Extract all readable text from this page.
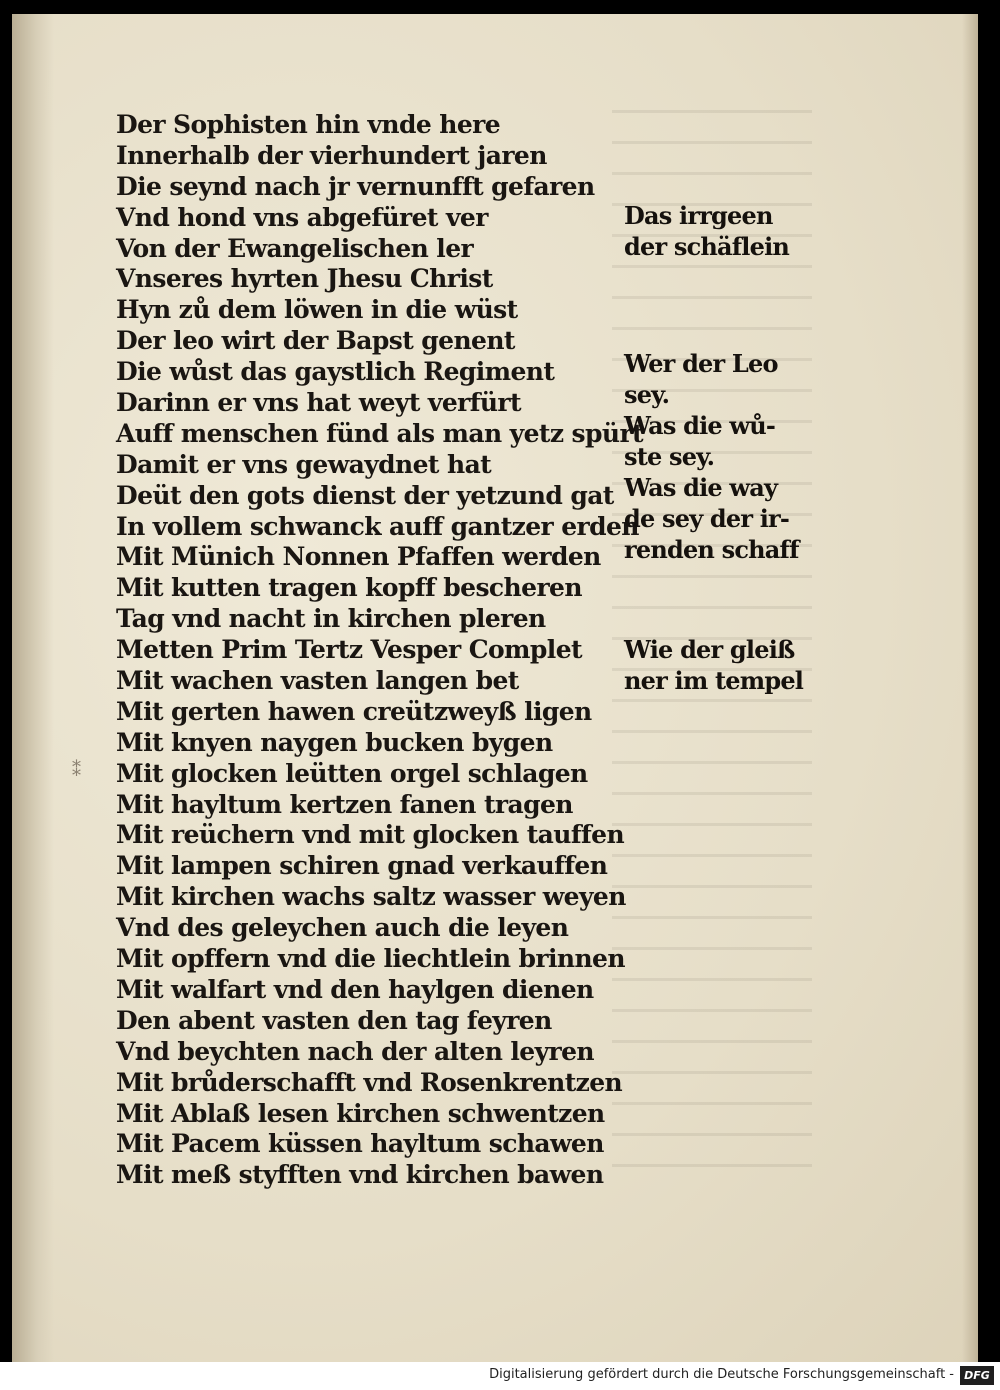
⁑
Der Sophisten hin vnde here
Innerhalb der vierhundert jaren
Die seynd nach jr vernunfft gefaren
Vnd hond vns abgefüret ver
Von der Ewangelischen ler
Vnseres hyrten Jhesu Christ
Hyn zů dem löwen in die wüst
Der leo wirt der Bapst genent
Die wůst das gaystlich Regiment
Darinn er vns hat weyt verfürt
Auff menschen fünd als man yetz spürt
Damit er vns gewaydnet hat
Deüt den gots dienst der yetzund gat
In vollem schwanck auff gantzer erden
Mit Münich Nonnen Pfaffen werden
Mit kutten tragen kopff bescheren
Tag vnd nacht in kirchen pleren
Metten Prim Tertz Vesper Complet
Mit wachen vasten langen bet
Mit gerten hawen creützweyß ligen
Mit knyen naygen bucken bygen
Mit glocken leütten orgel schlagen
Mit hayltum kertzen fanen tragen
Mit reüchern vnd mit glocken tauffen
Mit lampen schiren gnad verkauffen
Mit kirchen wachs saltz wasser weyen
Vnd des geleychen auch die leyen
Mit opffern vnd die liechtlein brinnen
Mit walfart vnd den haylgen dienen
Den abent vasten den tag feyren
Vnd beychten nach der alten leyren
Mit brůderschafft vnd Rosenkrentzen
Mit Ablaß lesen kirchen schwentzen
Mit Pacem küssen hayltum schawen
Mit meß styfften vnd kirchen bawen
Das irrgeen
der schäflein
Wer der Leo
sey.
Was die wů-
ste sey.
Was die way
de sey der ir-
renden schaff
Wie der gleiß
ner im tempel
Digitalisierung gefördert durch die Deutsche Forschungsgemeinschaft - DFG
